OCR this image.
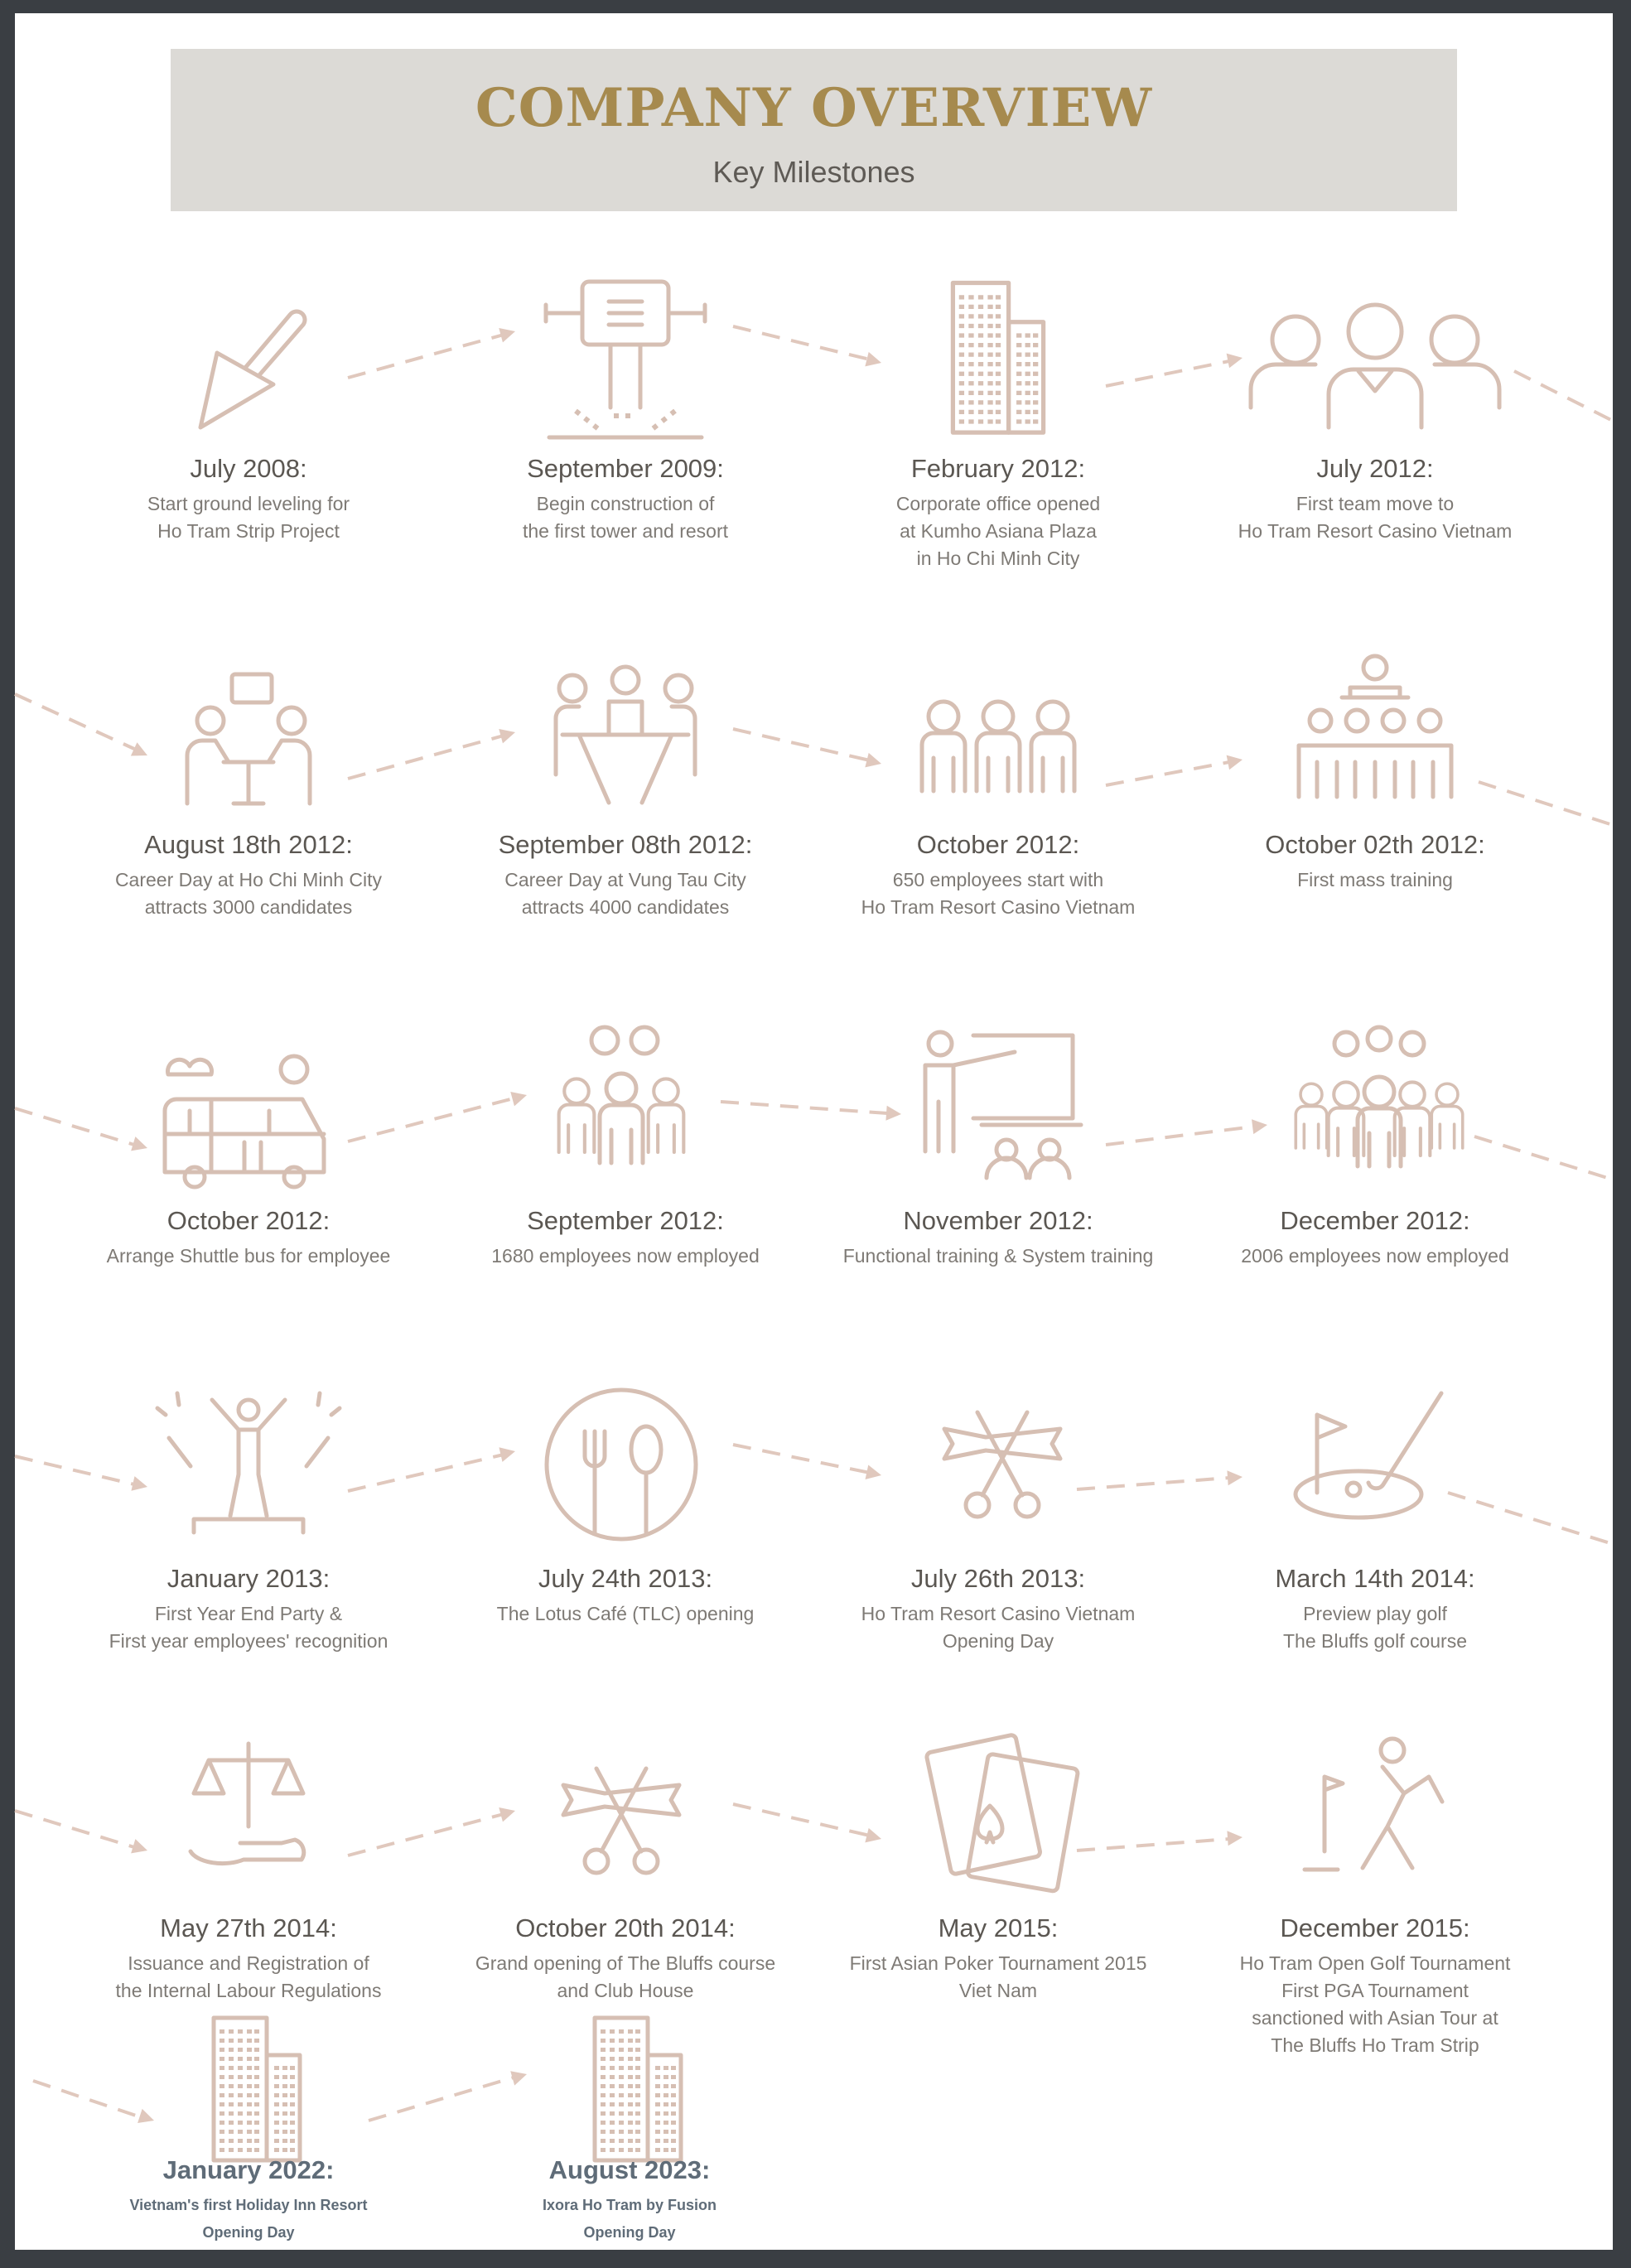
COMPANY OVERVIEW
Key Milestones
July 2008:
Start ground leveling for
Ho Tram Strip Project
September 2009:
Begin construction of
the first tower and resort
February 2012:
Corporate office opened
at Kumho Asiana Plaza
in Ho Chi Minh City
July 2012:
First team move to
Ho Tram Resort Casino Vietnam
August 18th 2012:
Career Day at Ho Chi Minh City
attracts 3000 candidates
September 08th 2012:
Career Day at Vung Tau City
attracts 4000 candidates
October 2012:
650 employees start with
Ho Tram Resort Casino Vietnam
October 02th 2012:
First mass training
October 2012:
Arrange Shuttle bus for employee
September 2012:
1680 employees now employed
November 2012:
Functional training & System training
December 2012:
2006 employees now employed
January 2013:
First Year End Party &
First year employees' recognition
July 24th 2013:
The Lotus Café (TLC) opening
July 26th 2013:
Ho Tram Resort Casino Vietnam
Opening Day
March 14th 2014:
Preview play golf
The Bluffs golf course
May 27th 2014:
Issuance and Registration of
the Internal Labour Regulations
October 20th 2014:
Grand opening of The Bluffs course
and Club House
May 2015:
First Asian Poker Tournament 2015
Viet Nam
December 2015:
Ho Tram Open Golf Tournament
First PGA Tournament
sanctioned with Asian Tour at
The Bluffs Ho Tram Strip
January 2022:
Vietnam's first Holiday Inn Resort
Opening Day
August 2023:
Ixora Ho Tram by Fusion
Opening Day
